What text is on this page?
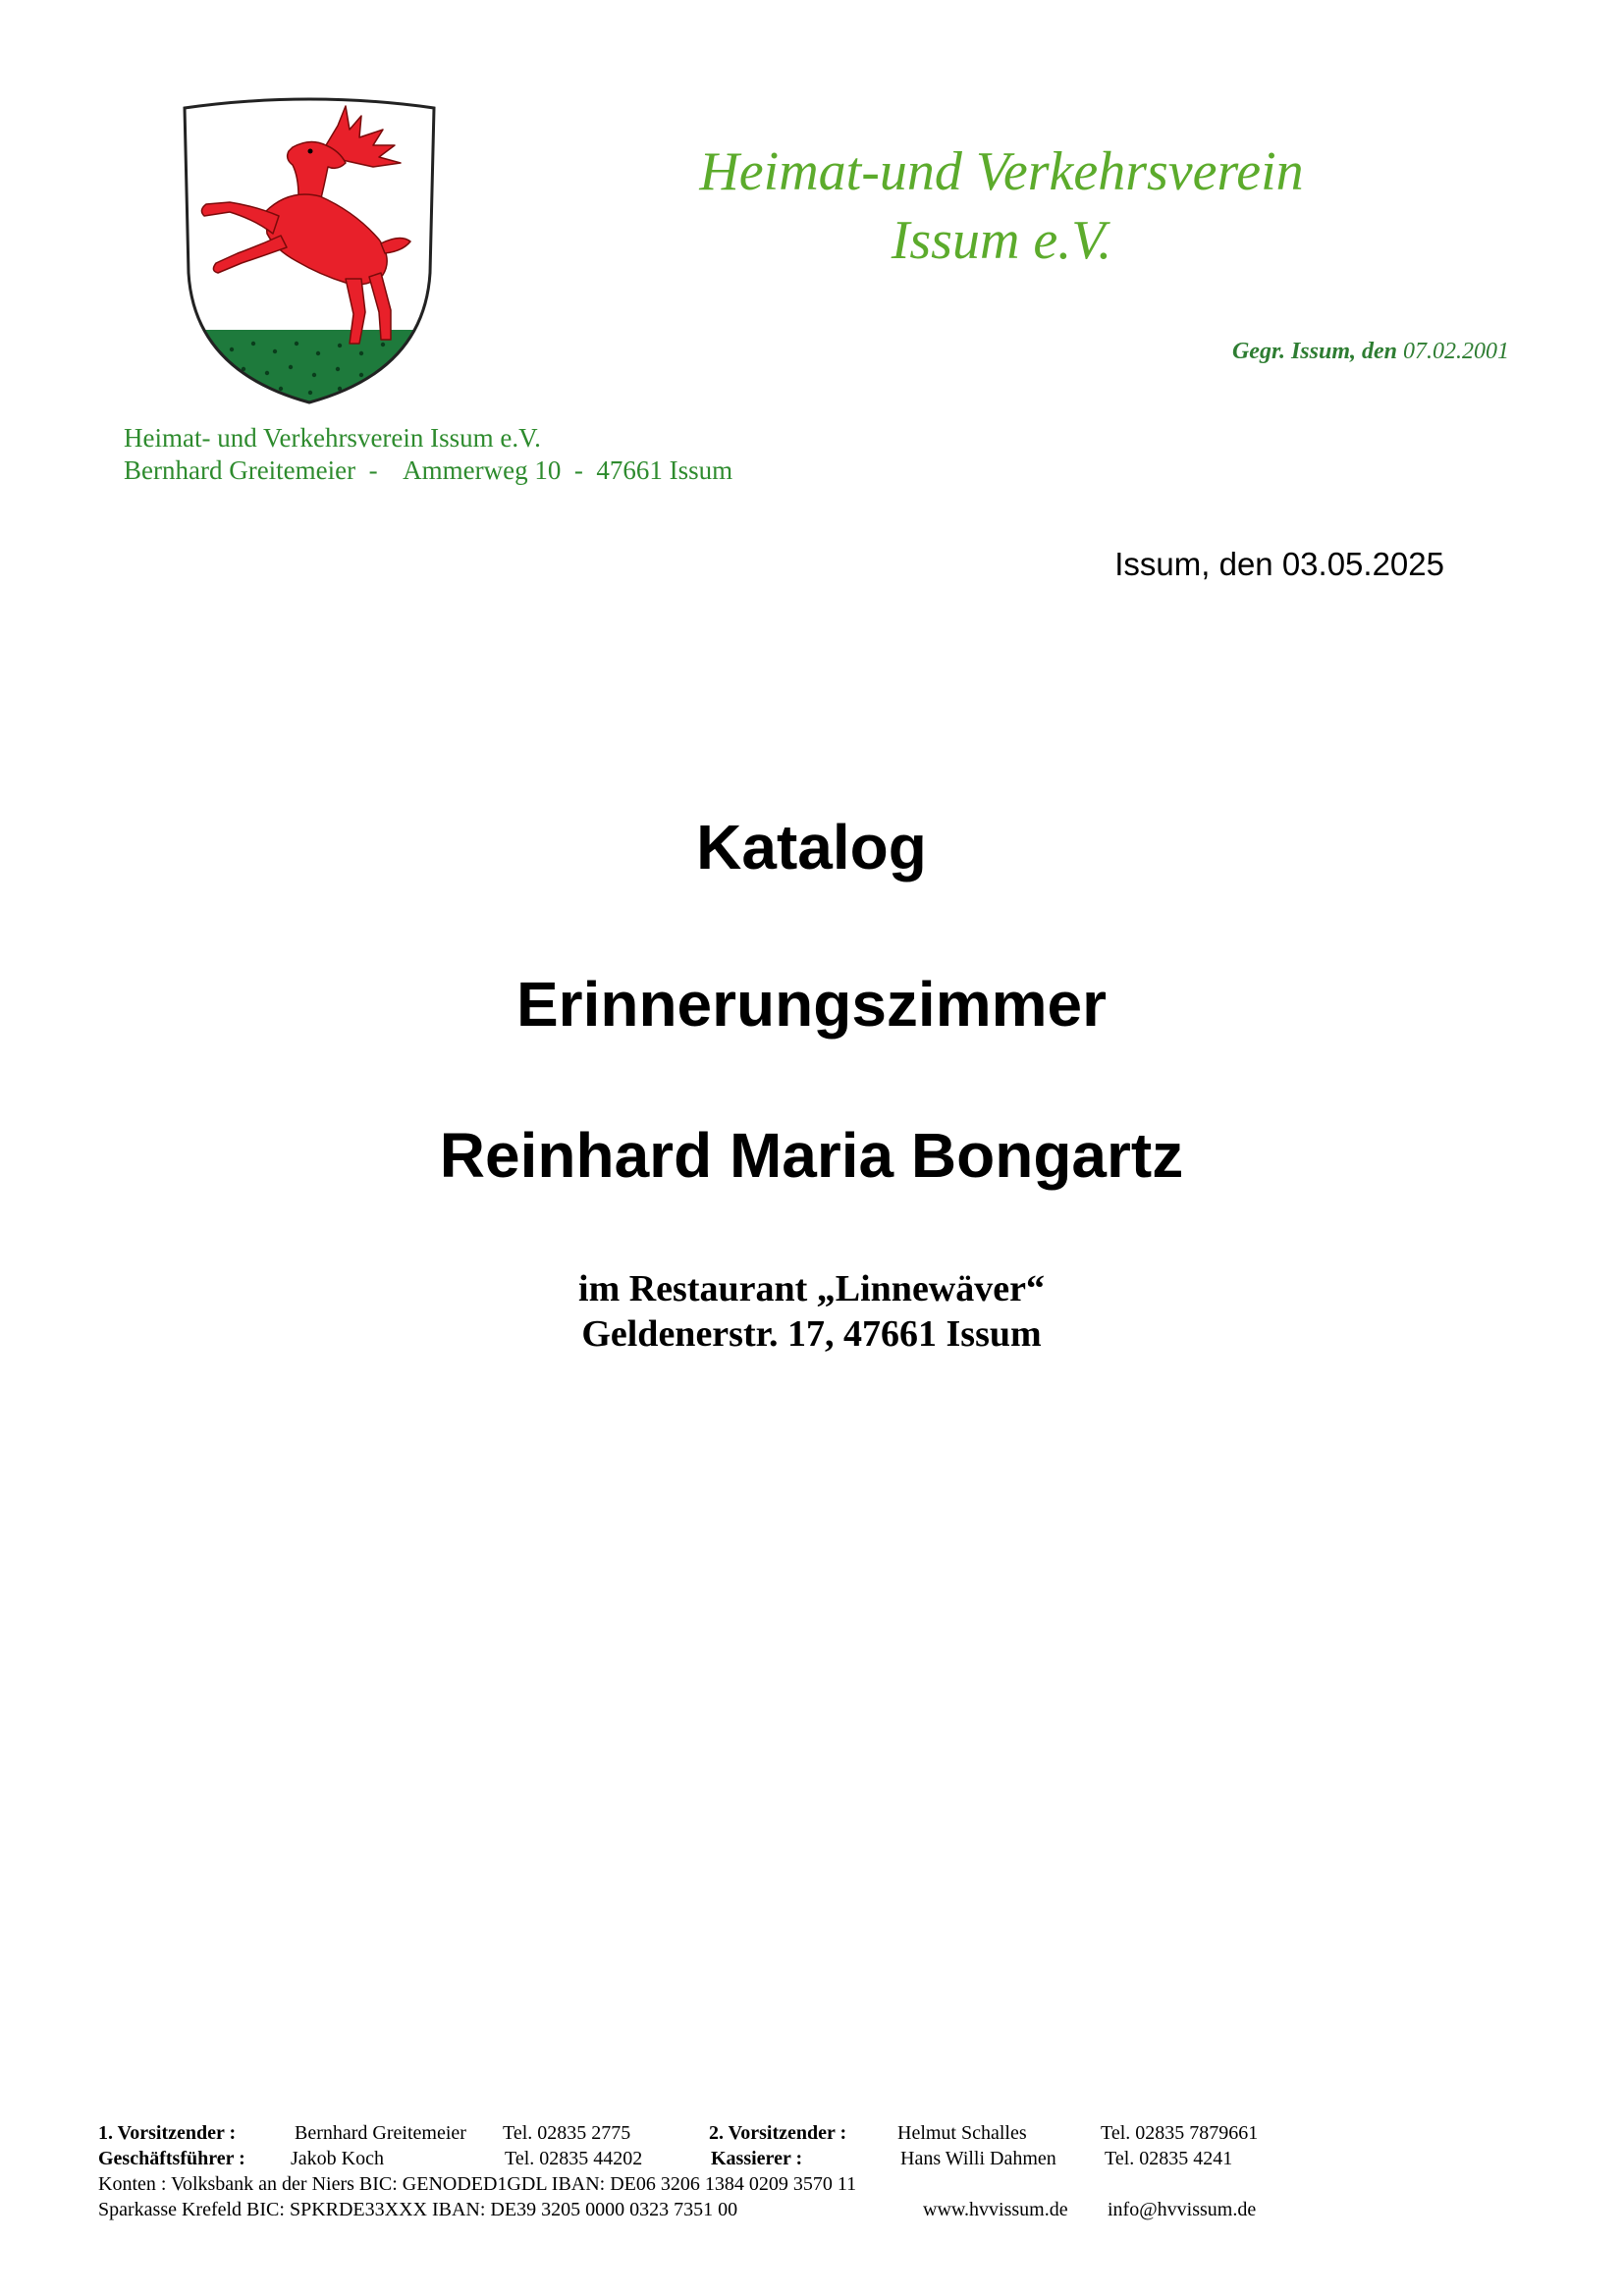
Heimat-und Verkehrsverein
Issum e.V.
Gegr. Issum, den 07.02.2001
Heimat- und Verkehrsverein Issum e.V.
Bernhard Greitemeier  -    Ammerweg 10  -  47661 Issum
Issum, den 03.05.2025
Katalog
Erinnerungszimmer
Reinhard Maria Bongartz
im Restaurant „Linnewäver“
Geldenerstr. 17, 47661 Issum
1. Vorsitzender :	Bernhard Greitemeier Tel. 02835 2775	2. Vorsitzender :	Helmut Schalles	Tel. 02835 7879661
Geschäftsführer : Jakob Koch	Tel. 02835 44202	Kassierer :	Hans Willi Dahmen Tel. 02835 4241
Konten : Volksbank an der Niers BIC: GENODED1GDL IBAN: DE06 3206 1384 0209 3570 11
Sparkasse Krefeld BIC: SPKRDE33XXX IBAN: DE39 3205 0000 0323 7351 00	www.hvvissum.de info@hvvissum.de
